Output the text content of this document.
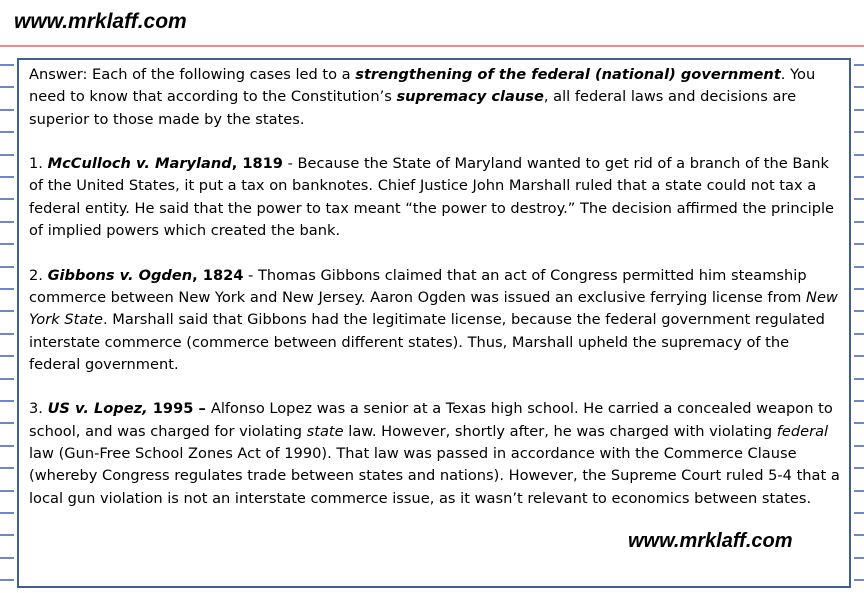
www.mrklaff.com

Answer: Each of the following cases led to a strengthening of the federal (national) government. You need to know that according to the Constitution’s supremacy clause, all federal laws and decisions are superior to those made by the states.

1. McCulloch v. Maryland, 1819 - Because the State of Maryland wanted to get rid of a branch of the Bank of the United States, it put a tax on banknotes. Chief Justice John Marshall ruled that a state could not tax a federal entity. He said that the power to tax meant “the power to destroy.” The decision affirmed the principle of implied powers which created the bank.

2. Gibbons v. Ogden, 1824 - Thomas Gibbons claimed that an act of Congress permitted him steamship commerce between New York and New Jersey. Aaron Ogden was issued an exclusive ferrying license from New York State. Marshall said that Gibbons had the legitimate license, because the federal government regulated interstate commerce (commerce between different states). Thus, Marshall upheld the supremacy of the federal government.

3. US v. Lopez, 1995 – Alfonso Lopez was a senior at a Texas high school. He carried a concealed weapon to school, and was charged for violating state law. However, shortly after, he was charged with violating federal law (Gun-Free School Zones Act of 1990). That law was passed in accordance with the Commerce Clause (whereby Congress regulates trade between states and nations). However, the Supreme Court ruled 5-4 that a local gun violation is not an interstate commerce issue, as it wasn’t relevant to economics between states.

www.mrklaff.com
